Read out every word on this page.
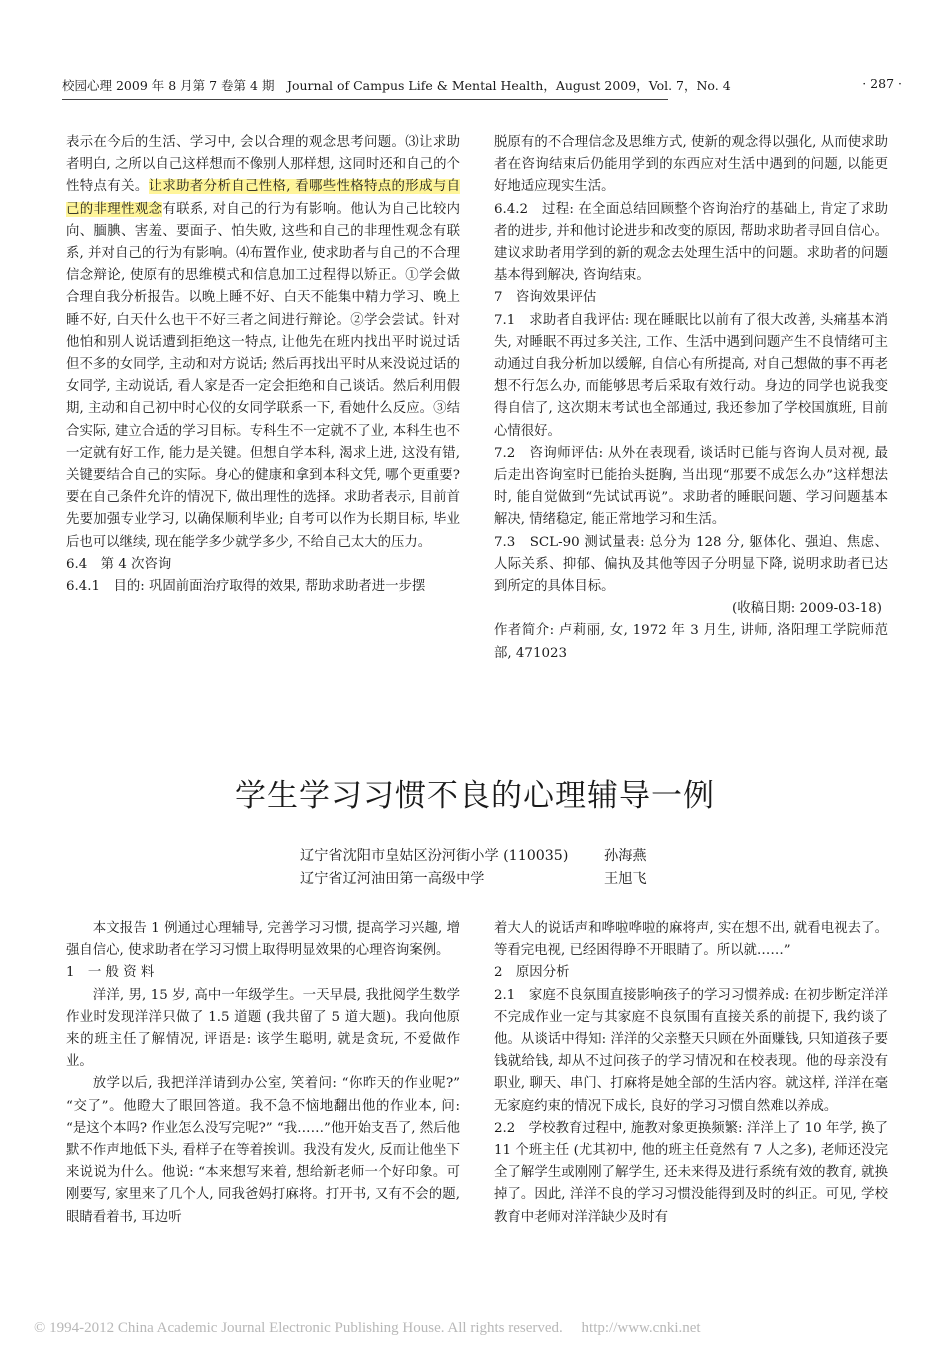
校园心理 2009 年 8 月第 7 卷第 4 期　Journal of Campus Life & Mental Health，August 2009，Vol. 7，No. 4	· 287 ·

表示在今后的生活、学习中, 会以合理的观念思考问题。⑶让求助者明白, 之所以自己这样想而不像别人那样想, 这同时还和自己的个性特点有关。让求助者分析自己性格, 看哪些性格特点的形成与自己的非理性观念有联系, 对自己的行为有影响。他认为自己比较内向、腼腆、害羞、要面子、怕失败, 这些和自己的非理性观念有联系, 并对自己的行为有影响。⑷布置作业, 使求助者与自己的不合理信念辩论, 使原有的思维模式和信息加工过程得以矫正。①学会做合理自我分析报告。以晚上睡不好、白天不能集中精力学习、晚上睡不好, 白天什么也干不好三者之间进行辩论。②学会尝试。针对他怕和别人说话遭到拒绝这一特点, 让他先在班内找出平时说过话但不多的女同学, 主动和对方说话; 然后再找出平时从来没说过话的女同学, 主动说话, 看人家是否一定会拒绝和自己谈话。然后利用假期, 主动和自己初中时心仪的女同学联系一下, 看她什么反应。③结合实际, 建立合适的学习目标。专科生不一定就不了业, 本科生也不一定就有好工作, 能力是关键。但想自学本科, 渴求上进, 这没有错, 关键要结合自己的实际。身心的健康和拿到本科文凭, 哪个更重要? 要在自己条件允许的情况下, 做出理性的选择。求助者表示, 目前首先要加强专业学习, 以确保顺利毕业; 自考可以作为长期目标, 毕业后也可以继续, 现在能学多少就学多少, 不给自己太大的压力。

6.4　第 4 次咨询

6.4.1　目的: 巩固前面治疗取得的效果, 帮助求助者进一步摆

脱原有的不合理信念及思维方式, 使新的观念得以强化, 从而使求助者在咨询结束后仍能用学到的东西应对生活中遇到的问题, 以能更好地适应现实生活。

6.4.2　过程: 在全面总结回顾整个咨询治疗的基础上, 肯定了求助者的进步, 并和他讨论进步和改变的原因, 帮助求助者寻回自信心。建议求助者用学到的新的观念去处理生活中的问题。求助者的问题基本得到解决, 咨询结束。

7　咨询效果评估

7.1　求助者自我评估: 现在睡眠比以前有了很大改善, 头痛基本消失, 对睡眠不再过多关注, 工作、生活中遇到问题产生不良情绪可主动通过自我分析加以缓解, 自信心有所提高, 对自己想做的事不再老想不行怎么办, 而能够思考后采取有效行动。身边的同学也说我变得自信了, 这次期末考试也全部通过, 我还参加了学校国旗班, 目前心情很好。

7.2　咨询师评估: 从外在表现看, 谈话时已能与咨询人员对视, 最后走出咨询室时已能抬头挺胸, 当出现“那要不成怎么办”这样想法时, 能自觉做到“先试试再说”。求助者的睡眠问题、学习问题基本解决, 情绪稳定, 能正常地学习和生活。

7.3　SCL-90 测试量表: 总分为 128 分, 躯体化、强迫、焦虑、人际关系、抑郁、偏执及其他等因子分明显下降, 说明求助者已达到所定的具体目标。

(收稿日期: 2009-03-18)

作者简介: 卢莉丽, 女, 1972 年 3 月生, 讲师, 洛阳理工学院师范部, 471023

学生学习习惯不良的心理辅导一例
辽宁省沈阳市皇姑区汾河街小学 (110035)	孙海燕
辽宁省辽河油田第一高级中学	王旭飞

本文报告 1 例通过心理辅导, 完善学习习惯, 提高学习兴趣, 增强自信心, 使求助者在学习习惯上取得明显效果的心理咨询案例。

1　一 般 资 料

洋洋, 男, 15 岁, 高中一年级学生。一天早晨, 我批阅学生数学作业时发现洋洋只做了 1.5 道题 (我共留了 5 道大题)。我向他原来的班主任了解情况, 评语是: 该学生聪明, 就是贪玩, 不爱做作业。

放学以后, 我把洋洋请到办公室, 笑着问: “你昨天的作业呢?” “交了”。他瞪大了眼回答道。我不急不恼地翻出他的作业本, 问: “是这个本吗? 作业怎么没写完呢?” “我……”他开始支吾了, 然后他默不作声地低下头, 看样子在等着挨训。我没有发火, 反而让他坐下来说说为什么。他说: “本来想写来着, 想给新老师一个好印象。可刚要写, 家里来了几个人, 同我爸妈打麻将。打开书, 又有不会的题, 眼睛看着书, 耳边听

着大人的说话声和哗啦哗啦的麻将声, 实在想不出, 就看电视去了。等看完电视, 已经困得睁不开眼睛了。所以就……”

2　原因分析

2.1　家庭不良氛围直接影响孩子的学习习惯养成: 在初步断定洋洋不完成作业一定与其家庭不良氛围有直接关系的前提下, 我约谈了他。从谈话中得知: 洋洋的父亲整天只顾在外面赚钱, 只知道孩子要钱就给钱, 却从不过问孩子的学习情况和在校表现。他的母亲没有职业, 聊天、串门、打麻将是她全部的生活内容。就这样, 洋洋在毫无家庭约束的情况下成长, 良好的学习习惯自然难以养成。

2.2　学校教育过程中, 施教对象更换频繁: 洋洋上了 10 年学, 换了 11 个班主任 (尤其初中, 他的班主任竟然有 7 人之多), 老师还没完全了解学生或刚刚了解学生, 还未来得及进行系统有效的教育, 就换掉了。因此, 洋洋不良的学习习惯没能得到及时的纠正。可见, 学校教育中老师对洋洋缺少及时有

© 1994-2012 China Academic Journal Electronic Publishing House. All rights reserved.　 http://www.cnki.net
